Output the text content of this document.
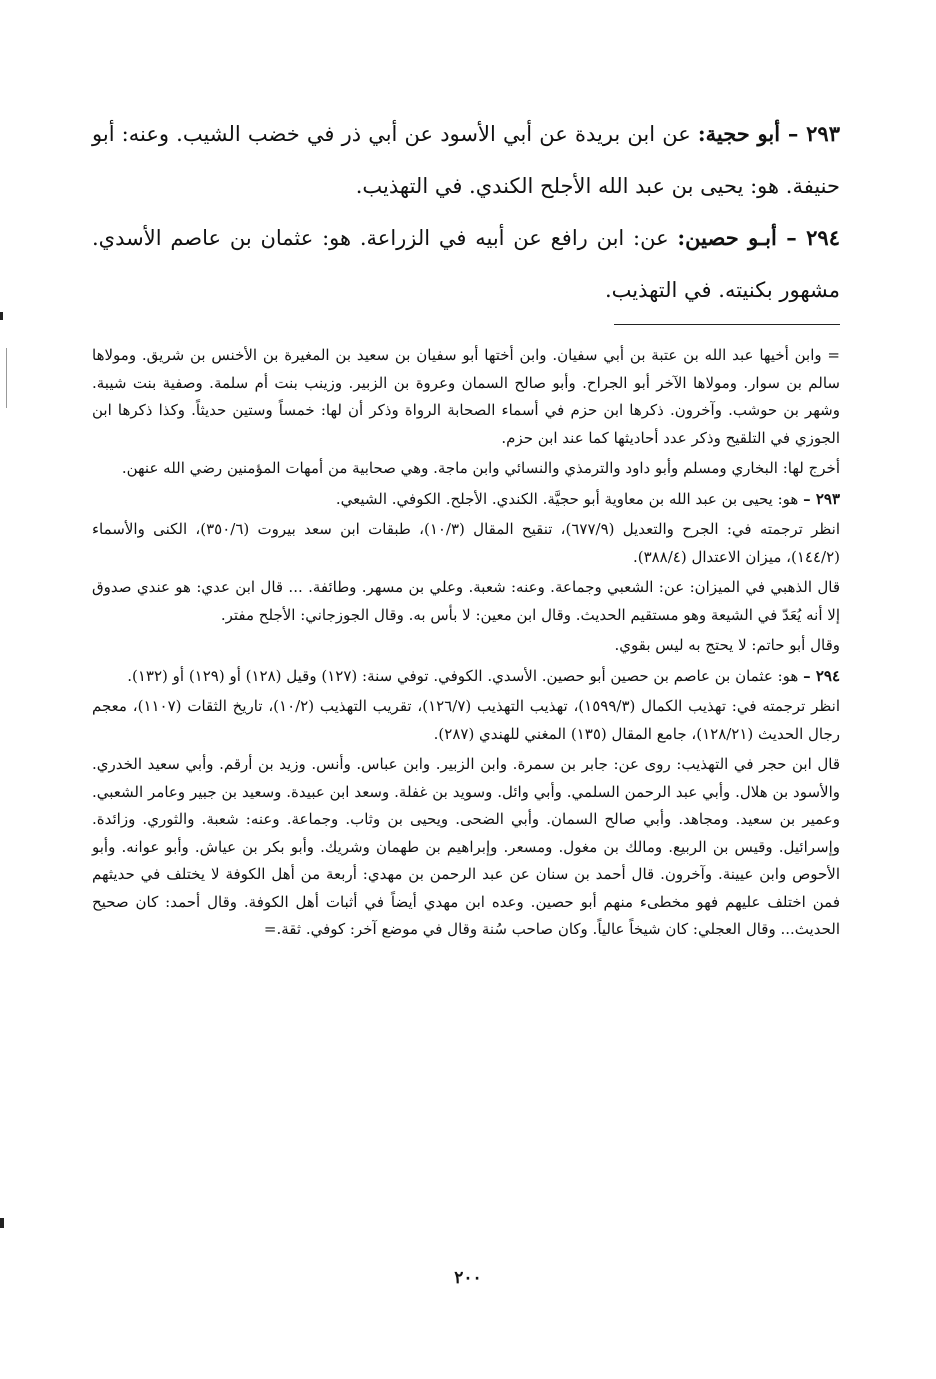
٢٩٣ – أبو حجية: عن ابن بريدة عن أبي الأسود عن أبي ذر في خضب الشيب. وعنه: أبو حنيفة. هو: يحيى بن عبد الله الأجلح الكندي. في التهذيب.

٢٩٤ – أبـو حصين: عن: ابن رافع عن أبيه في الزراعة. هو: عثمان بن عاصم الأسدي. مشهور بكنيته. في التهذيب.

= وابن أخيها عبد الله بن عتبة بن أبي سفيان. وابن أختها أبو سفيان بن سعيد بن المغيرة بن الأخنس بن شريق. ومولاها سالم بن سوار. ومولاها الآخر أبو الجراح. وأبو صالح السمان وعروة بن الزبير. وزينب بنت أم سلمة. وصفية بنت شيبة. وشهر بن حوشب. وآخرون. ذكرها ابن حزم في أسماء الصحابة الرواة وذكر أن لها: خمساً وستين حديثاً. وكذا ذكرها ابن الجوزي في التلقيح وذكر عدد أحاديثها كما عند ابن حزم.

أخرج لها: البخاري ومسلم وأبو داود والترمذي والنسائي وابن ماجة. وهي صحابية من أمهات المؤمنين رضي الله عنهن.

٢٩٣ – هو: يحيى بن عبد الله بن معاوية أبو حجيَّة. الكندي. الأجلح. الكوفي. الشيعي.

انظر ترجمته في: الجرح والتعديل (٦٧٧/٩)، تنقيح المقال (١٠/٣)، طبقات ابن سعد بيروت (٣٥٠/٦)، الكنى والأسماء (١٤٤/٢)، ميزان الاعتدال (٣٨٨/٤).

قال الذهبي في الميزان: عن: الشعبي وجماعة. وعنه: شعبة. وعلي بن مسهر. وطائفة. ... قال ابن عدي: هو عندي صدوق إلا أنه يُعَدّ في الشيعة وهو مستقيم الحديث. وقال ابن معين: لا بأس به. وقال الجوزجاني: الأجلح مفتر.

وقال أبو حاتم: لا يحتج به ليس بقوي.

٢٩٤ – هو: عثمان بن عاصم بن حصين أبو حصين. الأسدي. الكوفي. توفي سنة: (١٢٧) وقيل (١٢٨) أو (١٢٩) أو (١٣٢).

انظر ترجمته في: تهذيب الكمال (١٥٩٩/٣)، تهذيب التهذيب (١٢٦/٧)، تقريب التهذيب (١٠/٢)، تاريخ الثقات (١١٠٧)، معجم رجال الحديث (١٢٨/٢١)، جامع المقال (١٣٥) المغني للهندي (٢٨٧).

قال ابن حجر في التهذيب: روى عن: جابر بن سمرة. وابن الزبير. وابن عباس. وأنس. وزيد بن أرقم. وأبي سعيد الخدري. والأسود بن هلال. وأبي عبد الرحمن السلمي. وأبي وائل. وسويد بن غفلة. وسعد ابن عبيدة. وسعيد بن جبير وعامر الشعبي. وعمير بن سعيد. ومجاهد. وأبي صالح السمان. وأبي الضحى. ويحيى بن وثاب. وجماعة. وعنه: شعبة. والثوري. وزائدة. وإسرائيل. وقيس بن الربيع. ومالك بن مغول. ومسعر. وإبراهيم بن طهمان وشريك. وأبو بكر بن عياش. وأبو عوانه. وأبو الأحوص وابن عيينة. وآخرون. قال أحمد بن سنان عن عبد الرحمن بن مهدي: أربعة من أهل الكوفة لا يختلف في حديثهم فمن اختلف عليهم فهو مخطىء منهم أبو حصين. وعده ابن مهدي أيضاً في أثبات أهل الكوفة. وقال أحمد: كان صحيح الحديث... وقال العجلي: كان شيخاً عالياً. وكان صاحب سُنة وقال في موضع آخر: كوفي. ثقة.=

٢٠٠
